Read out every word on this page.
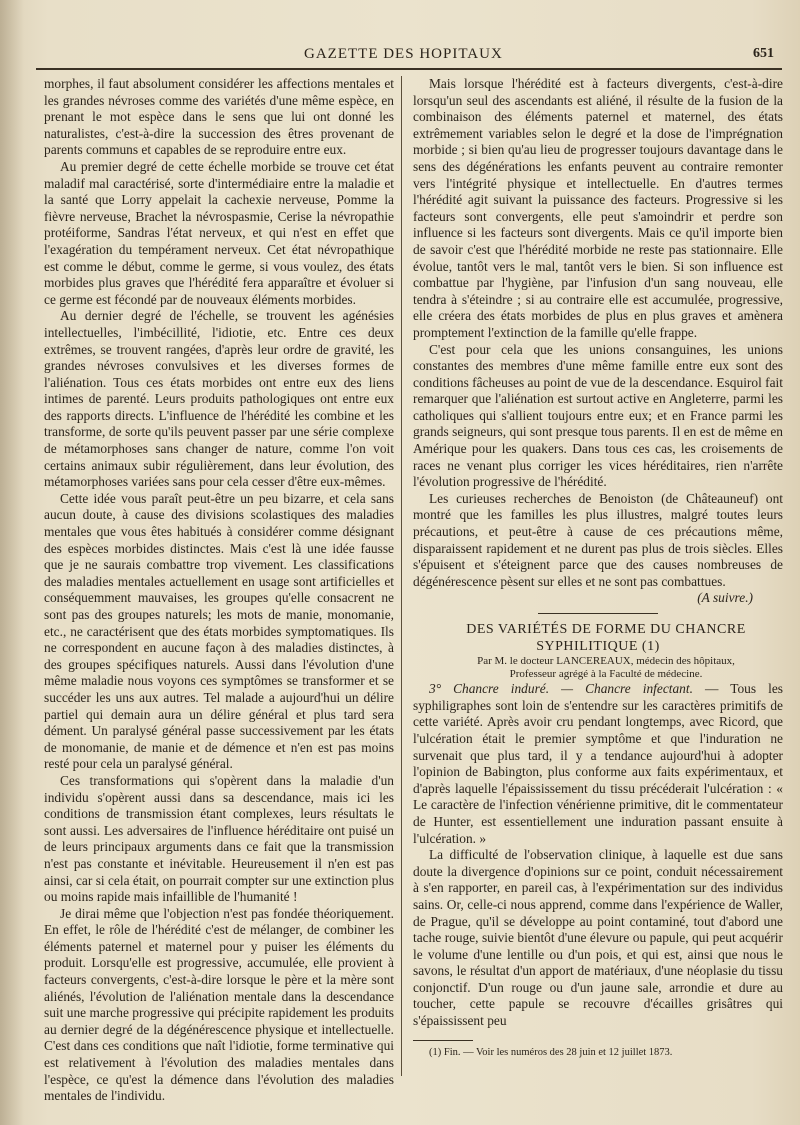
GAZETTE DES HOPITAUX	651

morphes, il faut absolument considérer les affections mentales et les grandes névroses comme des variétés d'une même espèce, en prenant le mot espèce dans le sens que lui ont donné les naturalistes, c'est-à-dire la succession des êtres provenant de parents communs et capables de se reproduire entre eux.

Au premier degré de cette échelle morbide se trouve cet état maladif mal caractérisé, sorte d'intermédiaire entre la maladie et la santé que Lorry appelait la cachexie nerveuse, Pomme la fièvre nerveuse, Brachet la névrospasmie, Cerise la névropathie protéiforme, Sandras l'état nerveux, et qui n'est en effet que l'exagération du tempérament nerveux. Cet état névropathique est comme le début, comme le germe, si vous voulez, des états morbides plus graves que l'hérédité fera apparaître et évoluer si ce germe est fécondé par de nouveaux éléments morbides.

Au dernier degré de l'échelle, se trouvent les agénésies intellectuelles, l'imbécillité, l'idiotie, etc. Entre ces deux extrêmes, se trouvent rangées, d'après leur ordre de gravité, les grandes névroses convulsives et les diverses formes de l'aliénation. Tous ces états morbides ont entre eux des liens intimes de parenté. Leurs produits pathologiques ont entre eux des rapports directs. L'influence de l'hérédité les combine et les transforme, de sorte qu'ils peuvent passer par une série complexe de métamorphoses sans changer de nature, comme l'on voit certains animaux subir régulièrement, dans leur évolution, des métamorphoses variées sans pour cela cesser d'être eux-mêmes.

Cette idée vous paraît peut-être un peu bizarre, et cela sans aucun doute, à cause des divisions scolastiques des maladies mentales que vous êtes habitués à considérer comme désignant des espèces morbides distinctes. Mais c'est là une idée fausse que je ne saurais combattre trop vivement. Les classifications des maladies mentales actuellement en usage sont artificielles et conséquemment mauvaises, les groupes qu'elle consacrent ne sont pas des groupes naturels; les mots de manie, monomanie, etc., ne caractérisent que des états morbides symptomatiques. Ils ne correspondent en aucune façon à des maladies distinctes, à des groupes spécifiques naturels. Aussi dans l'évolution d'une même maladie nous voyons ces symptômes se transformer et se succéder les uns aux autres. Tel malade a aujourd'hui un délire partiel qui demain aura un délire général et plus tard sera dément. Un paralysé général passe successivement par les états de monomanie, de manie et de démence et n'en est pas moins resté pour cela un paralysé général.

Ces transformations qui s'opèrent dans la maladie d'un individu s'opèrent aussi dans sa descendance, mais ici les conditions de transmission étant complexes, leurs résultats le sont aussi. Les adversaires de l'influence héréditaire ont puisé un de leurs principaux arguments dans ce fait que la transmission n'est pas constante et inévitable. Heureusement il n'en est pas ainsi, car si cela était, on pourrait compter sur une extinction plus ou moins rapide mais infaillible de l'humanité !

Je dirai même que l'objection n'est pas fondée théoriquement. En effet, le rôle de l'hérédité c'est de mélanger, de combiner les éléments paternel et maternel pour y puiser les éléments du produit. Lorsqu'elle est progressive, accumulée, elle provient à facteurs convergents, c'est-à-dire lorsque le père et la mère sont aliénés, l'évolution de l'aliénation mentale dans la descendance suit une marche progressive qui précipite rapidement les produits au dernier degré de la dégénérescence physique et intellectuelle. C'est dans ces conditions que naît l'idiotie, forme terminative qui est relativement à l'évolution des maladies mentales dans l'espèce, ce qu'est la démence dans l'évolution des maladies mentales de l'individu.

Mais lorsque l'hérédité est à facteurs divergents, c'est-à-dire lorsqu'un seul des ascendants est aliéné, il résulte de la fusion de la combinaison des éléments paternel et maternel, des états extrêmement variables selon le degré et la dose de l'imprégnation morbide ; si bien qu'au lieu de progresser toujours davantage dans le sens des dégénérations les enfants peuvent au contraire remonter vers l'intégrité physique et intellectuelle. En d'autres termes l'hérédité agit suivant la puissance des facteurs. Progressive si les facteurs sont convergents, elle peut s'amoindrir et perdre son influence si les facteurs sont divergents. Mais ce qu'il importe bien de savoir c'est que l'hérédité morbide ne reste pas stationnaire. Elle évolue, tantôt vers le mal, tantôt vers le bien. Si son influence est combattue par l'hygiène, par l'infusion d'un sang nouveau, elle tendra à s'éteindre ; si au contraire elle est accumulée, progressive, elle créera des états morbides de plus en plus graves et amènera promptement l'extinction de la famille qu'elle frappe.

C'est pour cela que les unions consanguines, les unions constantes des membres d'une même famille entre eux sont des conditions fâcheuses au point de vue de la descendance. Esquirol fait remarquer que l'aliénation est surtout active en Angleterre, parmi les catholiques qui s'allient toujours entre eux; et en France parmi les grands seigneurs, qui sont presque tous parents. Il en est de même en Amérique pour les quakers. Dans tous ces cas, les croisements de races ne venant plus corriger les vices héréditaires, rien n'arrête l'évolution progressive de l'hérédité.

Les curieuses recherches de Benoiston (de Châteauneuf) ont montré que les familles les plus illustres, malgré toutes leurs précautions, et peut-être à cause de ces précautions même, disparaissent rapidement et ne durent pas plus de trois siècles. Elles s'épuisent et s'éteignent parce que des causes nombreuses de dégénérescence pèsent sur elles et ne sont pas combattues.

(A suivre.)

DES VARIÉTÉS DE FORME DU CHANCRE SYPHILITIQUE (1)

Par M. le docteur LANCEREAUX, médecin des hôpitaux,

Professeur agrégé à la Faculté de médecine.

3° Chancre induré. — Chancre infectant. — Tous les syphiligraphes sont loin de s'entendre sur les caractères primitifs de cette variété. Après avoir cru pendant longtemps, avec Ricord, que l'ulcération était le premier symptôme et que l'induration ne survenait que plus tard, il y a tendance aujourd'hui à adopter l'opinion de Babington, plus conforme aux faits expérimentaux, et d'après laquelle l'épaississement du tissu précéderait l'ulcération : « Le caractère de l'infection vénérienne primitive, dit le commentateur de Hunter, est essentiellement une induration passant ensuite à l'ulcération. »

La difficulté de l'observation clinique, à laquelle est due sans doute la divergence d'opinions sur ce point, conduit nécessairement à s'en rapporter, en pareil cas, à l'expérimentation sur des individus sains. Or, celle-ci nous apprend, comme dans l'expérience de Waller, de Prague, qu'il se développe au point contaminé, tout d'abord une tache rouge, suivie bientôt d'une élevure ou papule, qui peut acquérir le volume d'une lentille ou d'un pois, et qui est, ainsi que nous le savons, le résultat d'un apport de matériaux, d'une néoplasie du tissu conjonctif. D'un rouge ou d'un jaune sale, arrondie et dure au toucher, cette papule se recouvre d'écailles grisâtres qui s'épaississent peu

(1) Fin. — Voir les numéros des 28 juin et 12 juillet 1873.
